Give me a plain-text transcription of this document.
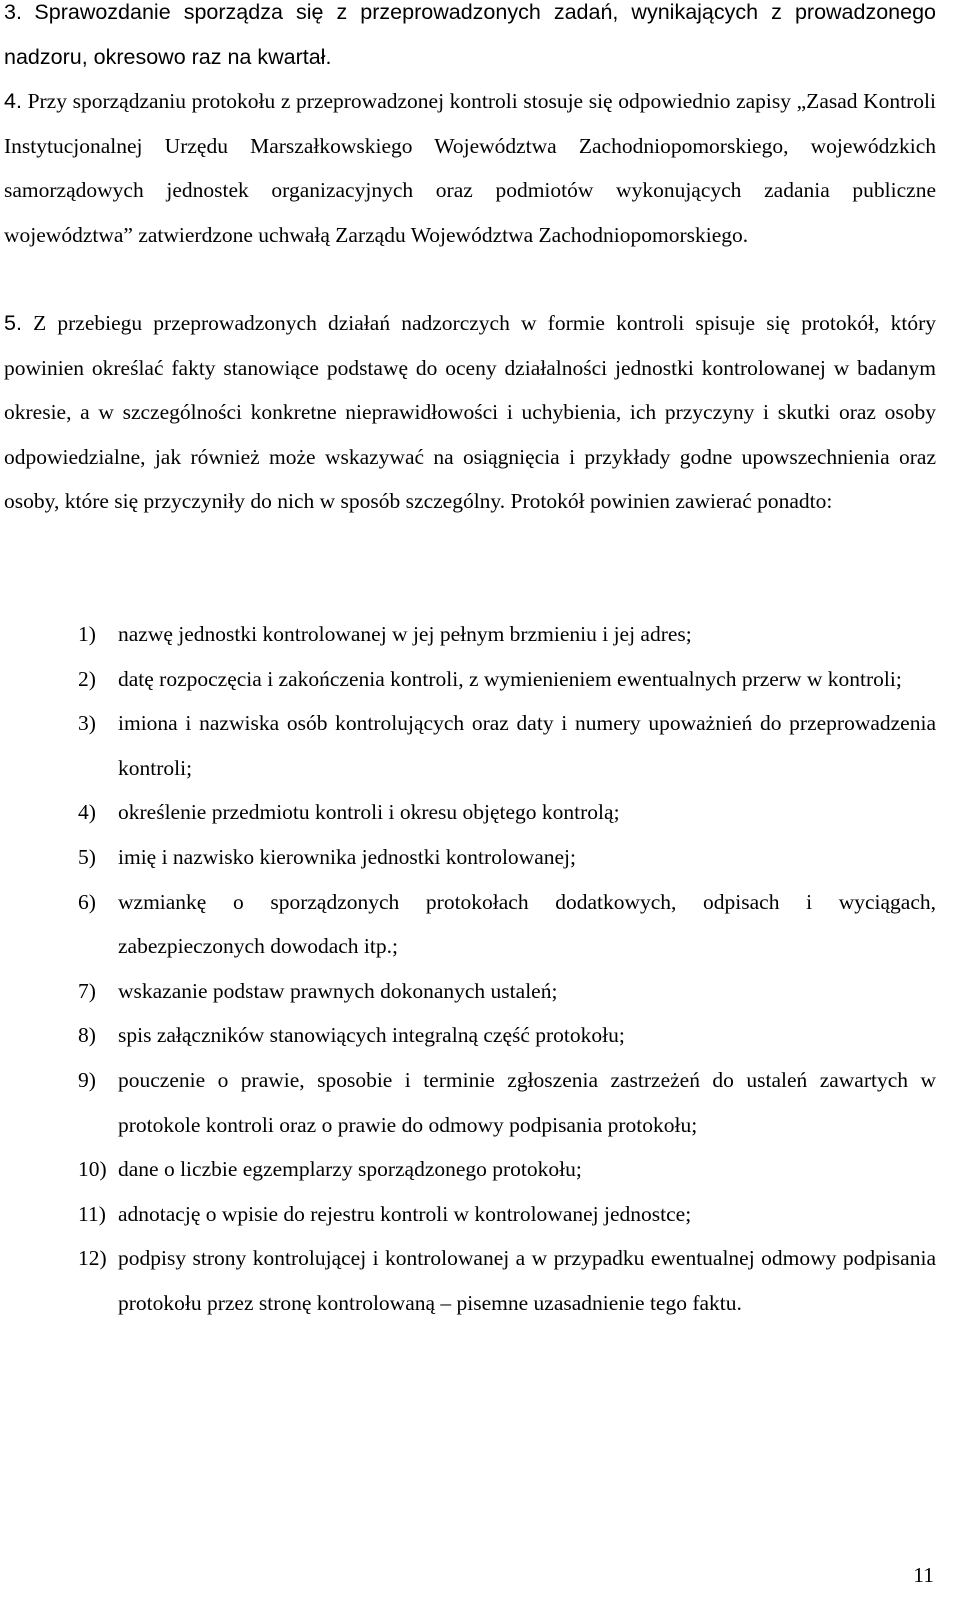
3. Sprawozdanie sporządza się z przeprowadzonych zadań, wynikających z prowadzonego nadzoru, okresowo raz na kwartał.
4. Przy sporządzaniu protokołu z przeprowadzonej kontroli stosuje się odpowiednio zapisy „Zasad Kontroli Instytucjonalnej Urzędu Marszałkowskiego Województwa Zachodniopomorskiego, wojewódzkich samorządowych jednostek organizacyjnych oraz podmiotów wykonujących zadania publiczne województwa” zatwierdzone uchwałą Zarządu Województwa Zachodniopomorskiego.
5. Z przebiegu przeprowadzonych działań nadzorczych w formie kontroli spisuje się protokół, który powinien określać fakty stanowiące podstawę do oceny działalności jednostki kontrolowanej w badanym okresie, a w szczególności konkretne nieprawidłowości i uchybienia, ich przyczyny i skutki oraz osoby odpowiedzialne, jak również może wskazywać na osiągnięcia i przykłady godne upowszechnienia oraz osoby, które się przyczyniły do nich w sposób szczególny. Protokół powinien zawierać ponadto:
1)	nazwę jednostki kontrolowanej w jej pełnym brzmieniu i jej adres;
2)	datę rozpoczęcia i zakończenia kontroli, z wymienieniem ewentualnych przerw w kontroli;
3)	imiona i nazwiska osób kontrolujących oraz daty i numery upoważnień do przeprowadzenia kontroli;
4)	określenie przedmiotu kontroli i okresu objętego kontrolą;
5)	imię i nazwisko kierownika jednostki kontrolowanej;
6)	wzmiankę o sporządzonych protokołach dodatkowych, odpisach i wyciągach, zabezpieczonych dowodach itp.;
7)	wskazanie podstaw prawnych dokonanych ustaleń;
8)	spis załączników stanowiących integralną część protokołu;
9)	pouczenie o prawie, sposobie i terminie zgłoszenia zastrzeżeń do ustaleń zawartych w protokole kontroli oraz o prawie do odmowy podpisania protokołu;
10) dane o liczbie egzemplarzy sporządzonego protokołu;
11) adnotację o wpisie do rejestru kontroli w kontrolowanej jednostce;
12) podpisy strony kontrolującej i kontrolowanej a w przypadku ewentualnej odmowy podpisania protokołu przez stronę kontrolowaną – pisemne uzasadnienie tego faktu.
11
